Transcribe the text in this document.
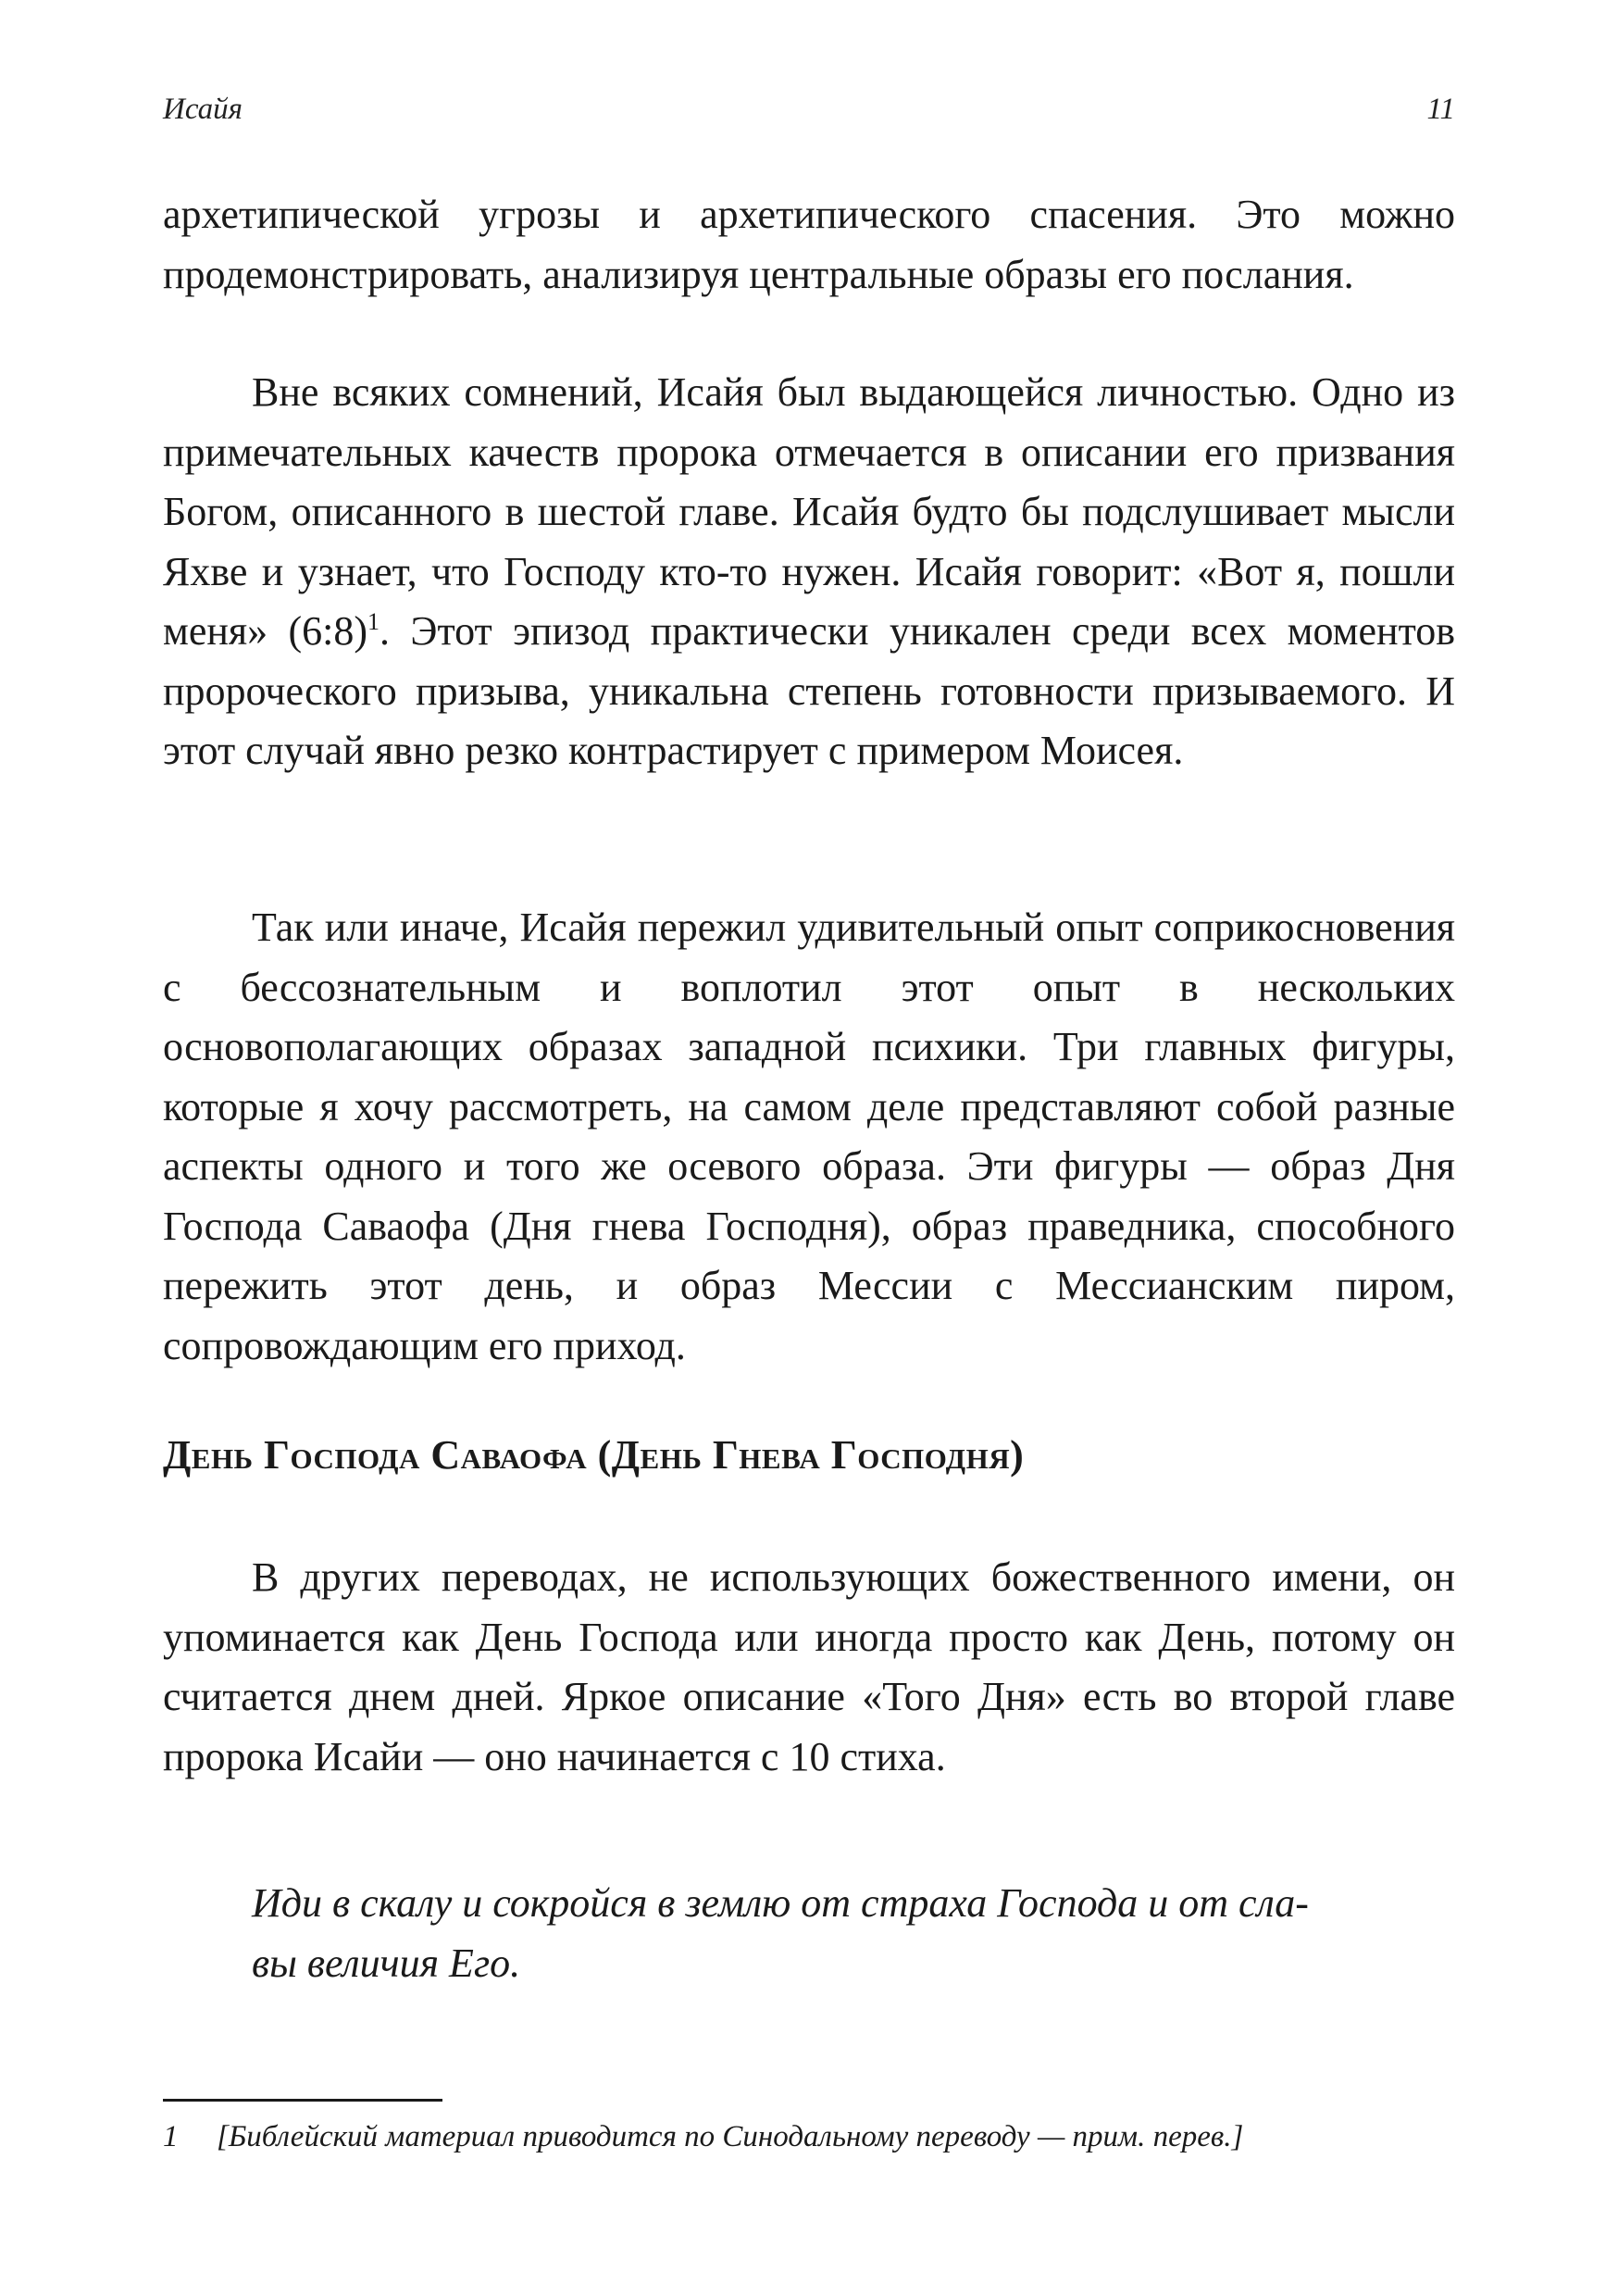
Исайя	11

архетипической угрозы и архетипического спасения. Это можно продемонстрировать, анализируя центральные образы его послания.

Вне всяких сомнений, Исайя был выдающейся личностью. Одно из примечательных качеств пророка отмечается в описании его призвания Богом, описанного в шестой главе. Исайя будто бы подслушивает мысли Яхве и узнает, что Господу кто-то нужен. Исайя говорит: «Вот я, пошли меня» (6:8)$^1$. Этот эпизод практически уникален среди всех моментов пророческого призыва, уникальна степень готовности призываемого. И этот случай явно резко контрастирует с примером Моисея.

Так или иначе, Исайя пережил удивительный опыт соприкосновения с бессознательным и воплотил этот опыт в нескольких основополагающих образах западной психики. Три главных фигуры, которые я хочу рассмотреть, на самом деле представляют собой разные аспекты одного и того же осевого образа. Эти фигуры — образ Дня Господа Саваофа (Дня гнева Господня), образ праведника, способного пережить этот день, и образ Мессии с Мессианским пиром, сопровождающим его приход.

День Господа Саваофа (День Гнева Господня)

В других переводах, не использующих божественного имени, он упоминается как День Господа или иногда просто как День, потому он считается днем дней. Яркое описание «Того Дня» есть во второй главе пророка Исайи — оно начинается с 10 стиха.

Иди в скалу и сокройся в землю от страха Господа и от сла-
вы величия Его.
1 [Библейский материал приводится по Синодальному переводу — прим. перев.]
